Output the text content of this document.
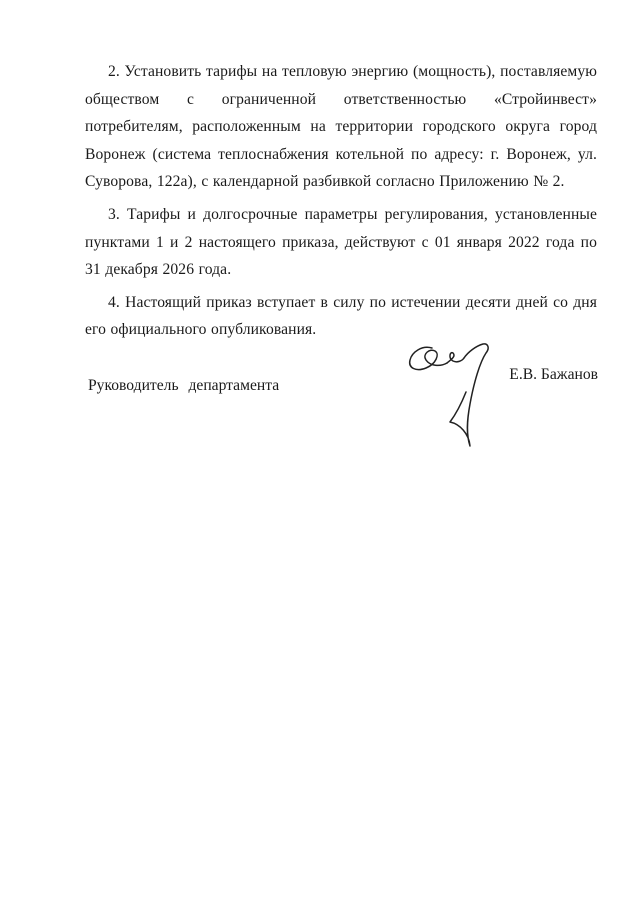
2. Установить тарифы на тепловую энергию (мощность), поставляемую обществом с ограниченной ответственностью «Стройинвест» потребителям, расположенным на территории городского округа город Воронеж (система теплоснабжения котельной по адресу: г. Воронеж, ул. Суворова, 122а), с календарной разбивкой согласно Приложению № 2.

3. Тарифы и долгосрочные параметры регулирования, установленные пунктами 1 и 2 настоящего приказа, действуют с 01 января 2022 года по 31 декабря 2026 года.

4. Настоящий приказ вступает в силу по истечении десяти дней со дня его официального опубликования.

Руководитель департамента
Е.В. Бажанов
